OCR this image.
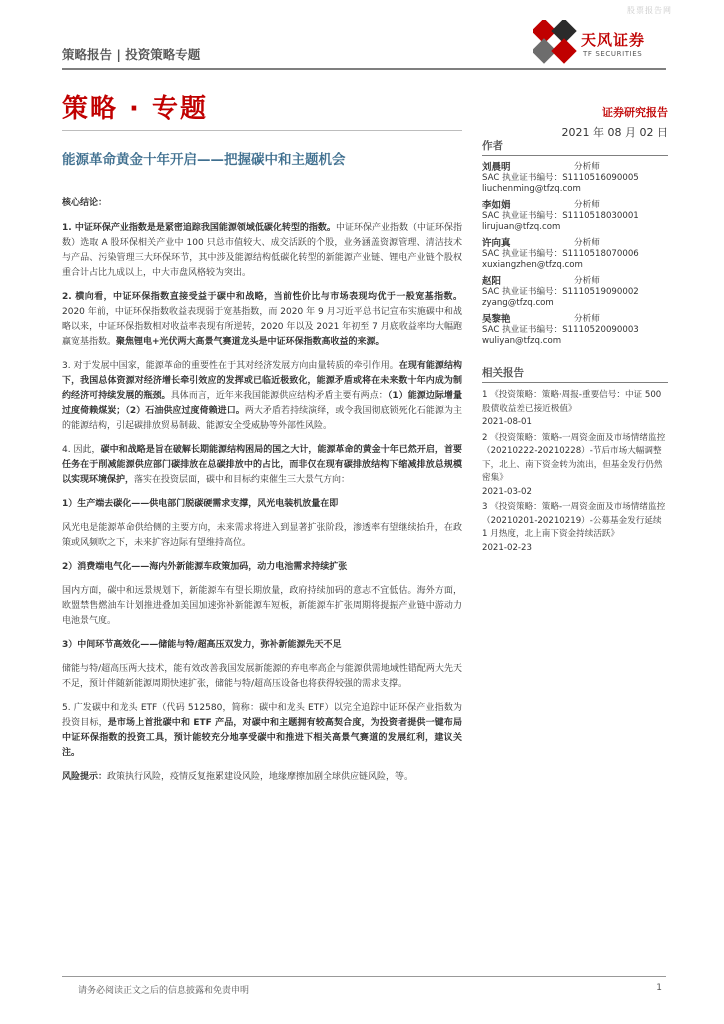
股票报告网
策略报告 | 投资策略专题
天风证券
TF SECURITIES
策略 · 专题	证券研究报告
2021 年 08 月 02 日
能源革命黄金十年开启——把握碳中和主题机会

核心结论：

1. 中证环保产业指数是是紧密追踪我国能源领域低碳化转型的指数。中证环保产业指数（中证环保指数）选取 A 股环保相关产业中 100 只总市值较大、成交活跃的个股，业务涵盖资源管理、清洁技术与产品、污染管理三大环保环节，其中涉及能源结构低碳化转型的新能源产业链、锂电产业链个股权重合计占比九成以上，中大市盘风格较为突出。

2. 横向看，中证环保指数直接受益于碳中和战略，当前性价比与市场表现均优于一般宽基指数。2020 年前，中证环保指数收益表现弱于宽基指数，而 2020 年 9 月习近平总书记宣布实施碳中和战略以来，中证环保指数相对收益率表现有所逆转，2020 年以及 2021 年初至 7 月底收益率均大幅跑赢宽基指数。聚焦锂电+光伏两大高景气赛道龙头是中证环保指数高收益的来源。

3. 对于发展中国家，能源革命的重要性在于其对经济发展方向由量转质的牵引作用。在现有能源结构下，我国总体资源对经济增长牵引效应的发挥或已临近极致化，能源矛盾或将在未来数十年内成为制约经济可持续发展的瓶颈。具体而言，近年来我国能源供应结构矛盾主要有两点：（1）能源边际增量过度倚赖煤炭；（2）石油供应过度倚赖进口。两大矛盾若持续演绎，或令我国彻底锁死化石能源为主的能源结构，引起碳排放贸易制裁、能源安全受威胁等外部性风险。

4. 因此，碳中和战略是旨在破解长期能源结构困局的国之大计，能源革命的黄金十年已然开启，首要任务在于削减能源供应部门碳排放在总碳排放中的占比，而非仅在现有碳排放结构下缩减排放总规模以实现环境保护，落实在投资层面，碳中和目标约束催生三大景气方向：

1）生产端去碳化——供电部门脱碳硬需求支撑，风光电装机放量在即

风光电是能源革命供给侧的主要方向，未来需求将进入到显著扩张阶段，渗透率有望继续抬升，在政策或风频吹之下，未来扩容边际有望维持高位。

2）消费端电气化——海内外新能源车政策加码，动力电池需求持续扩张

国内方面，碳中和远景规划下，新能源车有望长期放量，政府持续加码的意志不宜低估。海外方面，欧盟禁售燃油车计划推进叠加美国加速弥补新能源车短板，新能源车扩张周期将提振产业链中游动力电池景气度。

3）中间环节高效化——储能与特/超高压双发力，弥补新能源先天不足

储能与特/超高压两大技术，能有效改善我国发展新能源的弃电率高企与能源供需地域性错配两大先天不足，预计伴随新能源周期快速扩张，储能与特/超高压设备也将获得较强的需求支撑。

5. 广发碳中和龙头 ETF（代码 512580，简称：碳中和龙头 ETF）以完全追踪中证环保产业指数为投资目标，是市场上首批碳中和 ETF 产品，对碳中和主题拥有较高契合度，为投资者提供一键布局中证环保指数的投资工具，预计能较充分地享受碳中和推进下相关高景气赛道的发展红利，建议关注。

风险提示：政策执行风险，疫情反复拖累建设风险，地缘摩擦加剧全球供应链风险，等。

作者
刘晨明	分析师
SAC 执业证书编号：S1110516090005
liuchenming@tfzq.com
李如娟	分析师
SAC 执业证书编号：S1110518030001
lirujuan@tfzq.com
许向真	分析师
SAC 执业证书编号：S1110518070006
xuxiangzhen@tfzq.com
赵阳	分析师
SAC 执业证书编号：S1110519090002
zyang@tfzq.com
吴黎艳	分析师
SAC 执业证书编号：S1110520090003
wuliyan@tfzq.com
相关报告
1 《投资策略：策略·周报-重要信号：中证 500 股债收益差已接近极值》
2021-08-01
2 《投资策略：策略-一周资金面及市场情绪监控（20210222-20210228）-节后市场大幅调整下，北上、南下资金转为流出，但基金发行仍然密集》
2021-03-02
3 《投资策略：策略-一周资金面及市场情绪监控（20210201-20210219）-公募基金发行延续 1 月热度，北上南下资金持续活跃》
2021-02-23
请务必阅读正文之后的信息披露和免责申明	1
